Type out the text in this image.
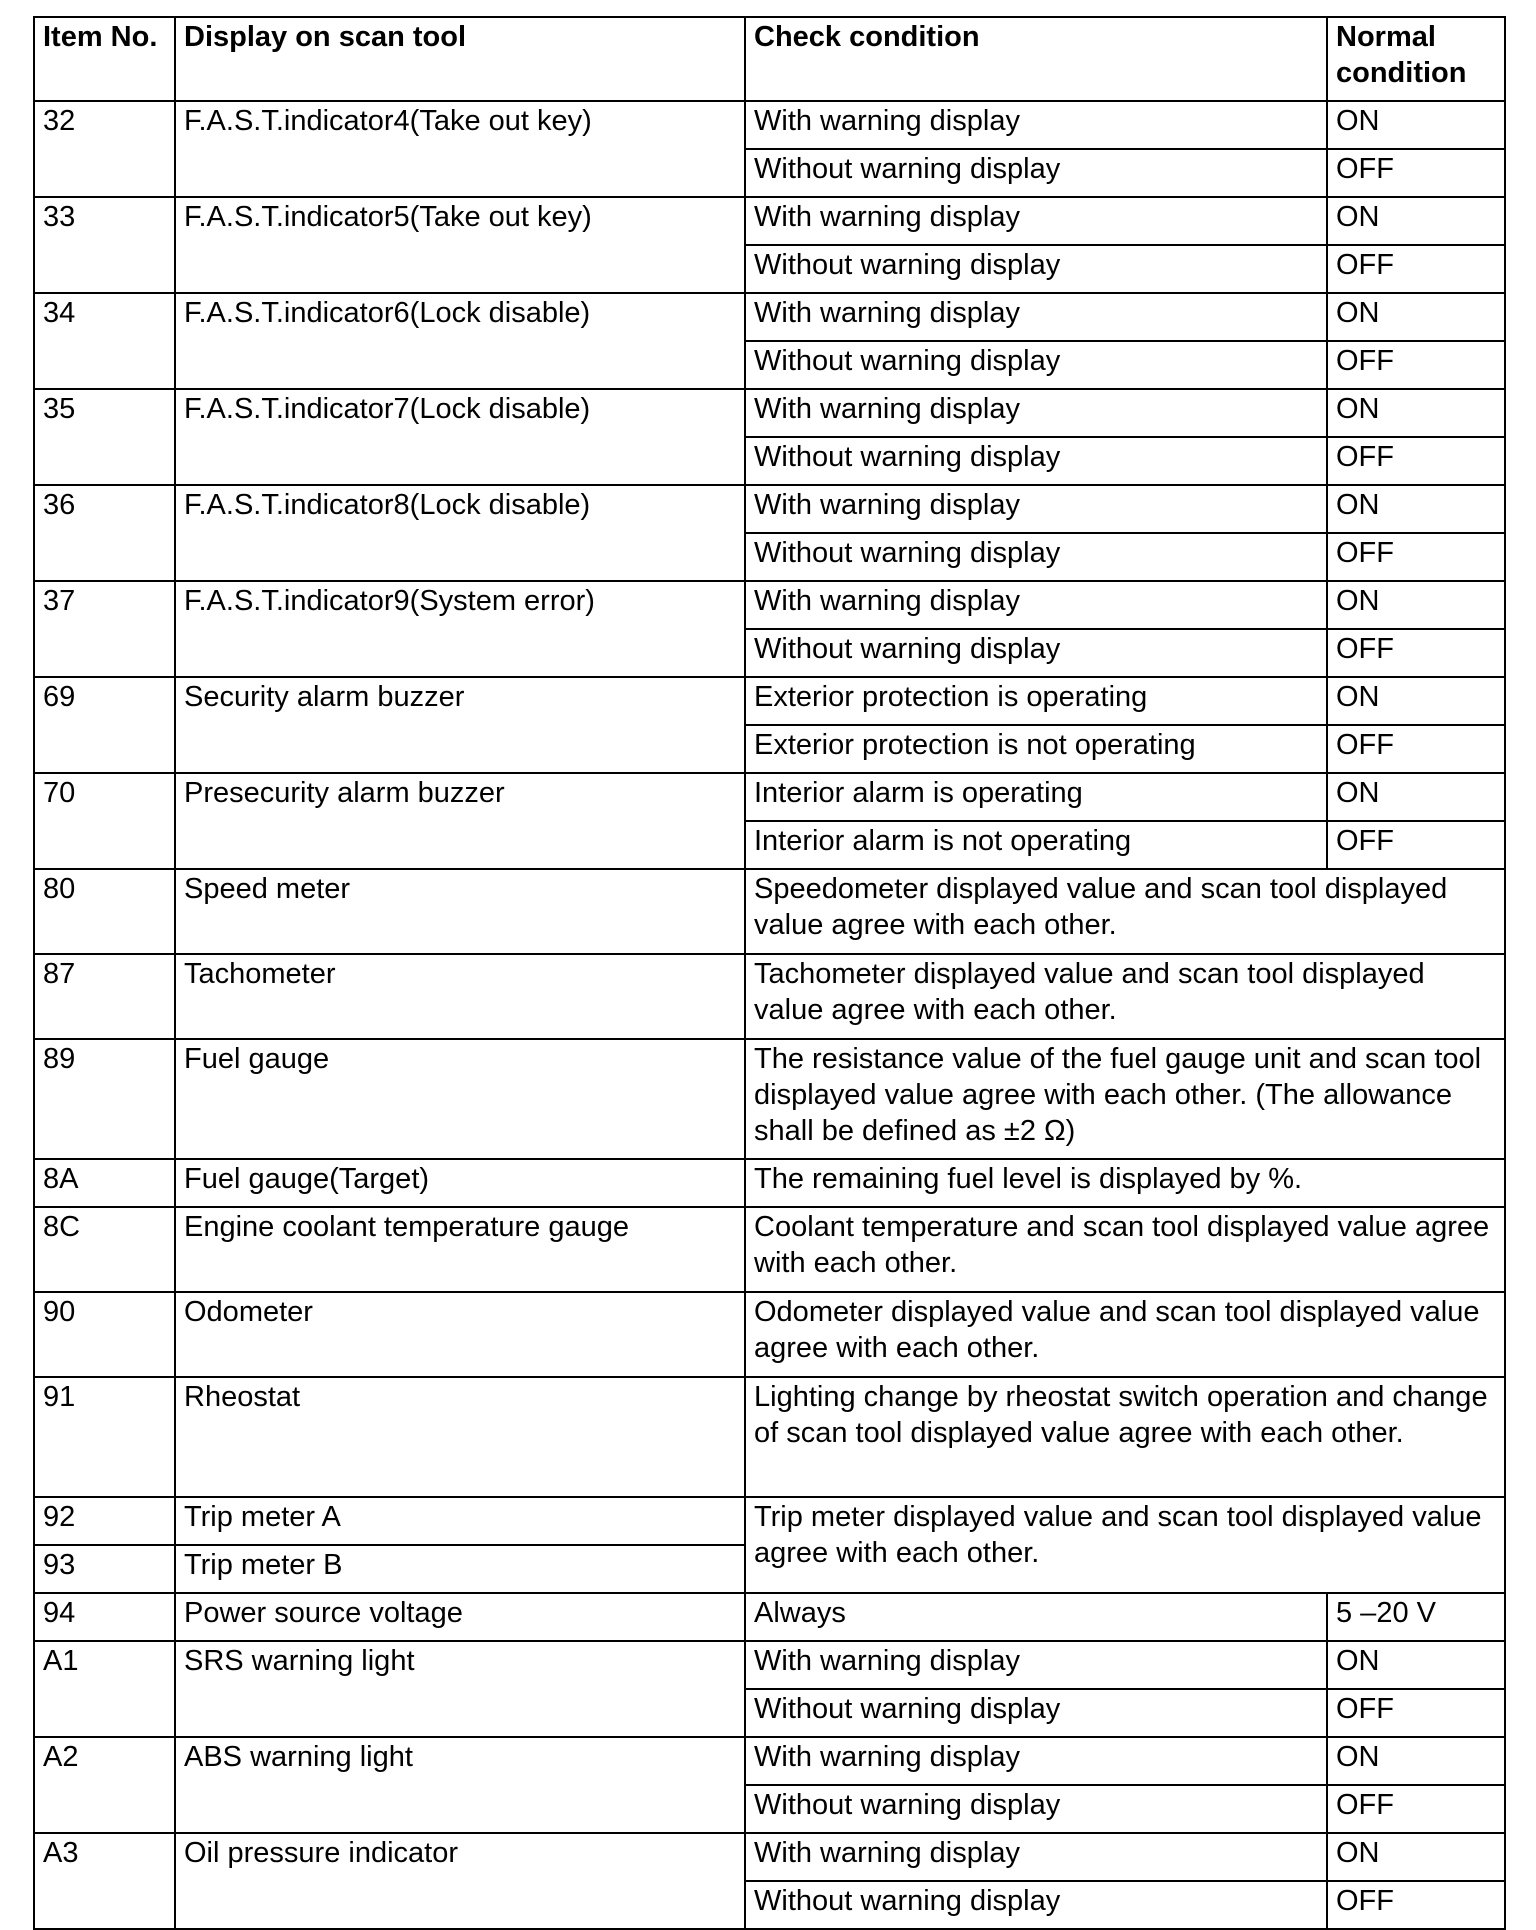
Item No.	Display on scan tool	Check condition	Normal condition
32	F.A.S.T.indicator4(Take out key)	With warning display	ON
		Without warning display	OFF
33	F.A.S.T.indicator5(Take out key)	With warning display	ON
		Without warning display	OFF
34	F.A.S.T.indicator6(Lock disable)	With warning display	ON
		Without warning display	OFF
35	F.A.S.T.indicator7(Lock disable)	With warning display	ON
		Without warning display	OFF
36	F.A.S.T.indicator8(Lock disable)	With warning display	ON
		Without warning display	OFF
37	F.A.S.T.indicator9(System error)	With warning display	ON
		Without warning display	OFF
69	Security alarm buzzer	Exterior protection is operating	ON
		Exterior protection is not operating	OFF
70	Presecurity alarm buzzer	Interior alarm is operating	ON
		Interior alarm is not operating	OFF
80	Speed meter	Speedometer displayed value and scan tool displayed value agree with each other.	
87	Tachometer	Tachometer displayed value and scan tool displayed value agree with each other.	
89	Fuel gauge	The resistance value of the fuel gauge unit and scan tool displayed value agree with each other. (The allowance shall be defined as ±2 Ω)	
8A	Fuel gauge(Target)	The remaining fuel level is displayed by %.	
8C	Engine coolant temperature gauge	Coolant temperature and scan tool displayed value agree with each other.	
90	Odometer	Odometer displayed value and scan tool displayed value agree with each other.	
91	Rheostat	Lighting change by rheostat switch operation and change of scan tool displayed value agree with each other.	
92	Trip meter A	Trip meter displayed value and scan tool displayed value agree with each other.	
93	Trip meter B		
94	Power source voltage	Always	5 –20 V
A1	SRS warning light	With warning display	ON
		Without warning display	OFF
A2	ABS warning light	With warning display	ON
		Without warning display	OFF
A3	Oil pressure indicator	With warning display	ON
		Without warning display	OFF
